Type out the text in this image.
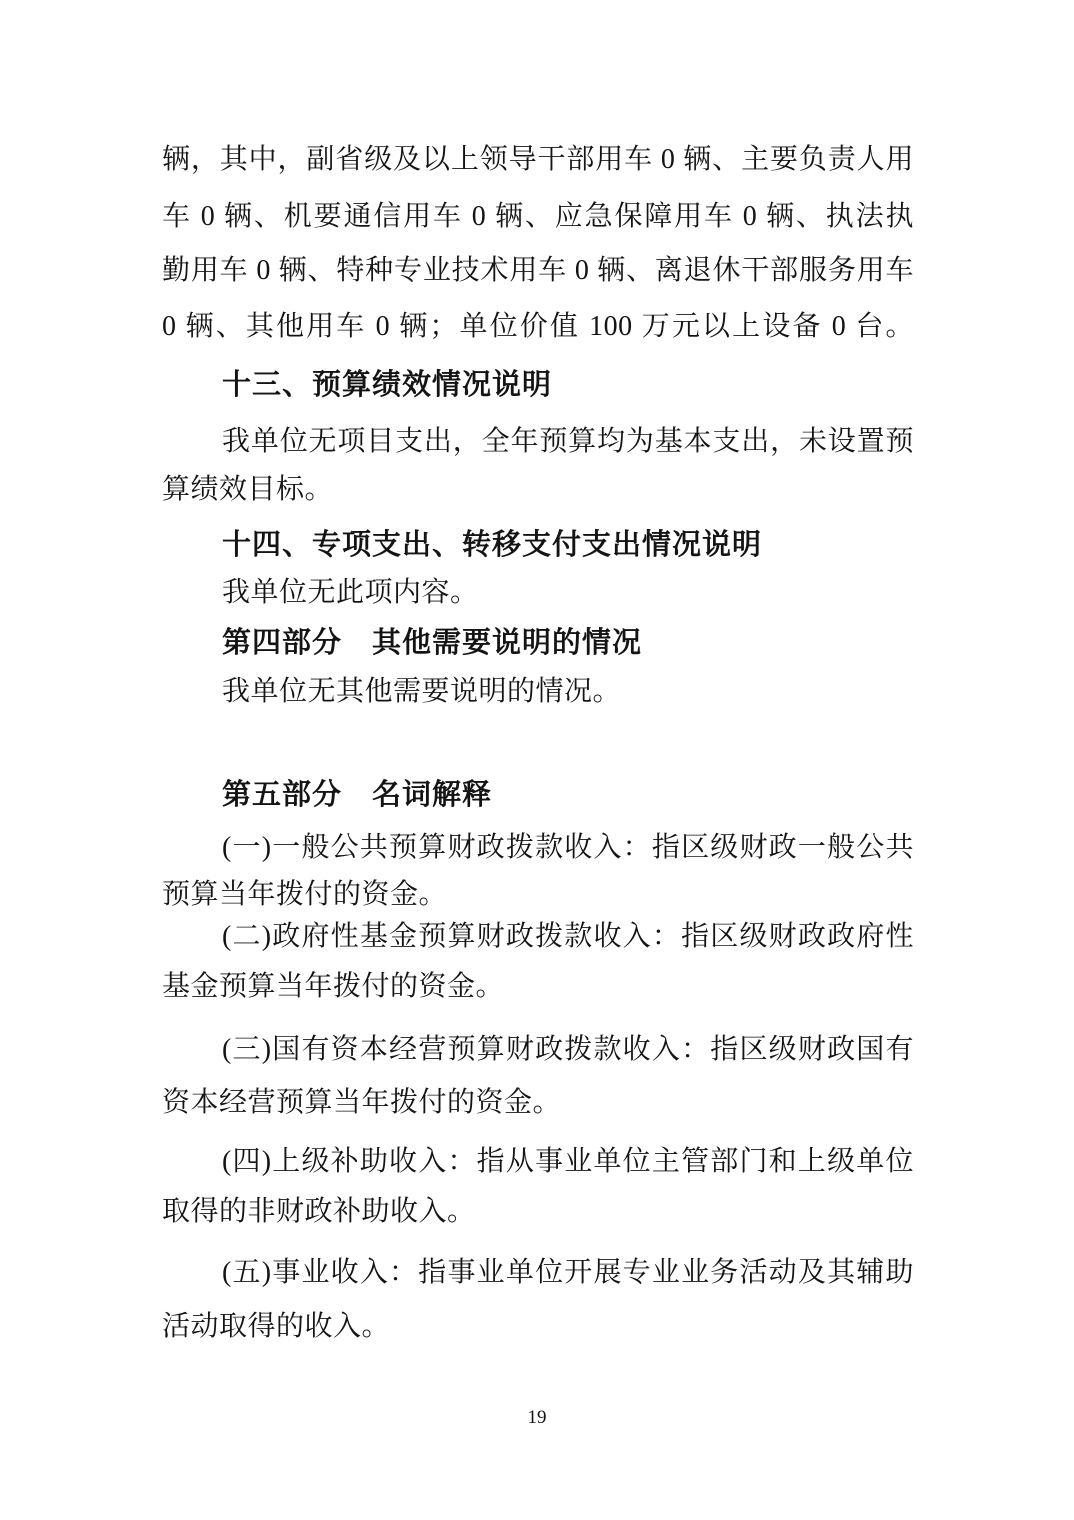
辆，其中，副省级及以上领导干部用车 0 辆、主要负责人用
车 0 辆、机要通信用车 0 辆、应急保障用车 0 辆、执法执
勤用车 0 辆、特种专业技术用车 0 辆、离退休干部服务用车
0 辆、其他用车 0 辆；单位价值 100 万元以上设备 0 台。
十三、预算绩效情况说明
我单位无项目支出，全年预算均为基本支出，未设置预
算绩效目标。
十四、专项支出、转移支付支出情况说明
我单位无此项内容。
第四部分　其他需要说明的情况
我单位无其他需要说明的情况。
第五部分　名词解释
(一)一般公共预算财政拨款收入：指区级财政一般公共
预算当年拨付的资金。
(二)政府性基金预算财政拨款收入：指区级财政政府性
基金预算当年拨付的资金。
(三)国有资本经营预算财政拨款收入：指区级财政国有
资本经营预算当年拨付的资金。
(四)上级补助收入：指从事业单位主管部门和上级单位
取得的非财政补助收入。
(五)事业收入：指事业单位开展专业业务活动及其辅助
活动取得的收入。
19
